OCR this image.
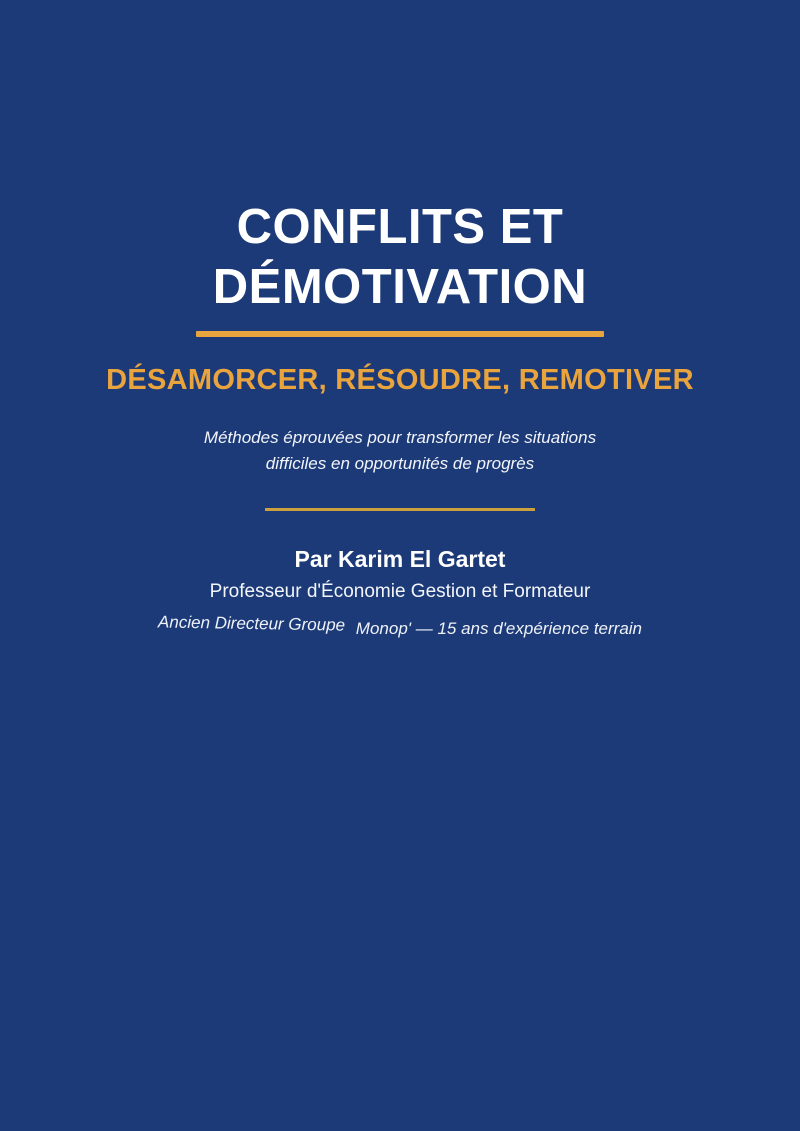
CONFLITS ET
DÉMOTIVATION
DÉSAMORCER, RÉSOUDRE, REMOTIVER

Méthodes éprouvées pour transformer les situations
difficiles en opportunités de progrès

Par Karim El Gartet

Professeur d'Économie Gestion et Formateur

Ancien Directeur Groupe Monop' — 15 ans d'expérience terrain
